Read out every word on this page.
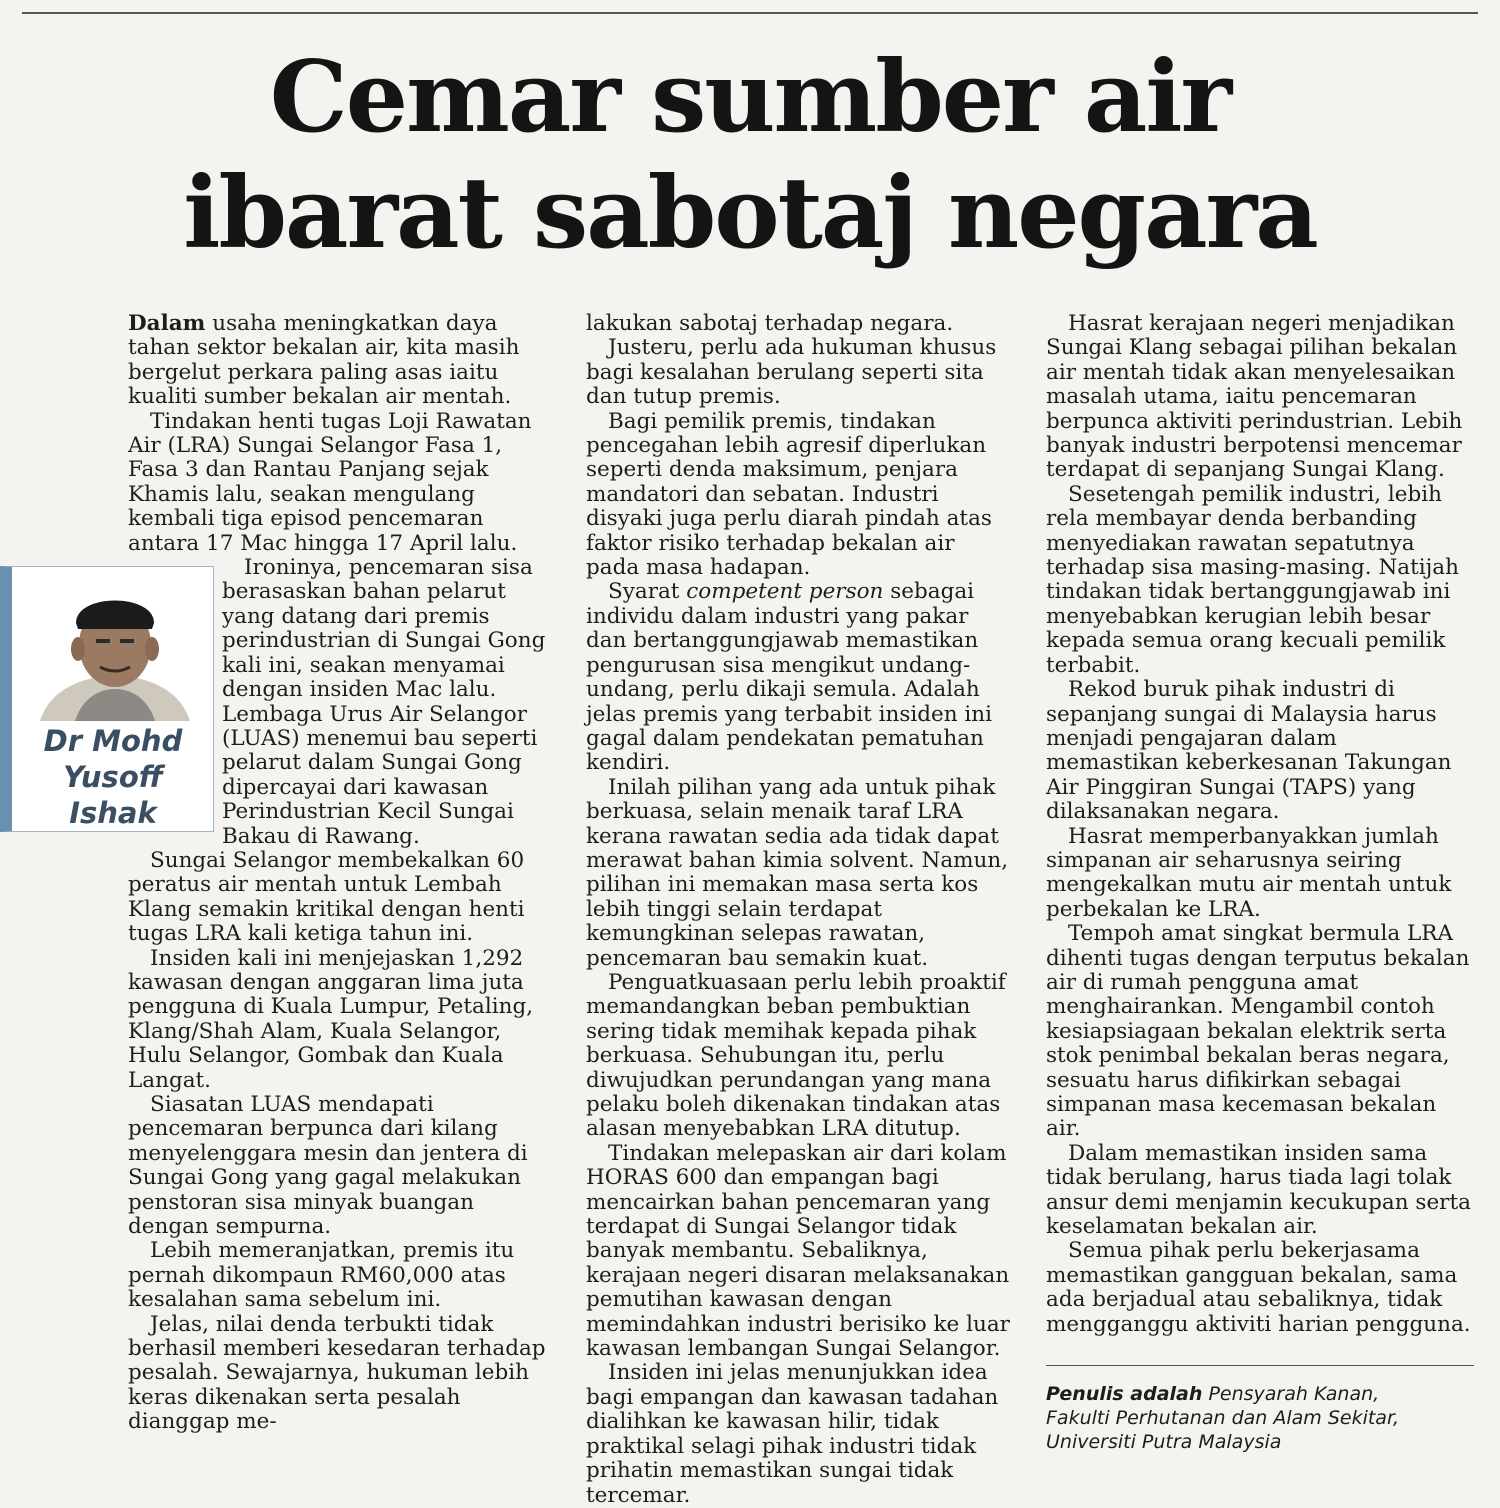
Cemar sumber air
ibarat sabotaj negara

Dalam usaha meningkatkan daya tahan sektor bekalan air, kita masih bergelut perkara paling asas iaitu kualiti sumber bekalan air mentah.

Tindakan henti tugas Loji Rawatan Air (LRA) Sungai Selangor Fasa 1, Fasa 3 dan Rantau Panjang sejak Khamis lalu, seakan mengulang kembali tiga episod pencemaran antara 17 Mac hingga 17 April lalu.

Dr Mohd
Yusoff Ishak

Ironinya, pencemaran sisa berasaskan bahan pelarut yang datang dari premis perindustrian di Sungai Gong kali ini, seakan menyamai dengan insiden Mac lalu. Lembaga Urus Air Selangor (LUAS) menemui bau seperti pelarut dalam Sungai Gong dipercayai dari kawasan Perindustrian Kecil Sungai Bakau di Rawang.

Sungai Selangor membekalkan 60 peratus air mentah untuk Lembah Klang semakin kritikal dengan henti tugas LRA kali ketiga tahun ini.

Insiden kali ini menjejaskan 1,292 kawasan dengan anggaran lima juta pengguna di Kuala Lumpur, Petaling, Klang/Shah Alam, Kuala Selangor, Hulu Selangor, Gombak dan Kuala Langat.

Siasatan LUAS mendapati pencemaran berpunca dari kilang menyelenggara mesin dan jentera di Sungai Gong yang gagal melakukan penstoran sisa minyak buangan dengan sempurna.

Lebih memeranjatkan, premis itu pernah dikompaun RM60,000 atas kesalahan sama sebelum ini.

Jelas, nilai denda terbukti tidak berhasil memberi kesedaran terhadap pesalah. Sewajarnya, hukuman lebih keras dikenakan serta pesalah dianggap me-

lakukan sabotaj terhadap negara.

Justeru, perlu ada hukuman khusus bagi kesalahan berulang seperti sita dan tutup premis.

Bagi pemilik premis, tindakan pencegahan lebih agresif diperlukan seperti denda maksimum, penjara mandatori dan sebatan. Industri disyaki juga perlu diarah pindah atas faktor risiko terhadap bekalan air pada masa hadapan.

Syarat competent person sebagai individu dalam industri yang pakar dan bertanggungjawab memastikan pengurusan sisa mengikut undang-undang, perlu dikaji semula. Adalah jelas premis yang terbabit insiden ini gagal dalam pendekatan pematuhan kendiri.

Inilah pilihan yang ada untuk pihak berkuasa, selain menaik taraf LRA kerana rawatan sedia ada tidak dapat merawat bahan kimia solvent. Namun, pilihan ini memakan masa serta kos lebih tinggi selain terdapat kemungkinan selepas rawatan, pencemaran bau semakin kuat.

Penguatkuasaan perlu lebih proaktif memandangkan beban pembuktian sering tidak memihak kepada pihak berkuasa. Sehubungan itu, perlu diwujudkan perundangan yang mana pelaku boleh dikenakan tindakan atas alasan menyebabkan LRA ditutup.

Tindakan melepaskan air dari kolam HORAS 600 dan empangan bagi mencairkan bahan pencemaran yang terdapat di Sungai Selangor tidak banyak membantu. Sebaliknya, kerajaan negeri disaran melaksanakan pemutihan kawasan dengan memindahkan industri berisiko ke luar kawasan lembangan Sungai Selangor.

Insiden ini jelas menunjukkan idea bagi empangan dan kawasan tadahan dialihkan ke kawasan hilir, tidak praktikal selagi pihak industri tidak prihatin memastikan sungai tidak tercemar.

Hasrat kerajaan negeri menjadikan Sungai Klang sebagai pilihan bekalan air mentah tidak akan menyelesaikan masalah utama, iaitu pencemaran berpunca aktiviti perindustrian. Lebih banyak industri berpotensi mencemar terdapat di sepanjang Sungai Klang.

Sesetengah pemilik industri, lebih rela membayar denda berbanding menyediakan rawatan sepatutnya terhadap sisa masing-masing. Natijah tindakan tidak bertanggungjawab ini menyebabkan kerugian lebih besar kepada semua orang kecuali pemilik terbabit.

Rekod buruk pihak industri di sepanjang sungai di Malaysia harus menjadi pengajaran dalam memastikan keberkesanan Takungan Air Pinggiran Sungai (TAPS) yang dilaksanakan negara.

Hasrat memperbanyakkan jumlah simpanan air seharusnya seiring mengekalkan mutu air mentah untuk perbekalan ke LRA.

Tempoh amat singkat bermula LRA dihenti tugas dengan terputus bekalan air di rumah pengguna amat menghairankan. Mengambil contoh kesiapsiagaan bekalan elektrik serta stok penimbal bekalan beras negara, sesuatu harus difikirkan sebagai simpanan masa kecemasan bekalan air.

Dalam memastikan insiden sama tidak berulang, harus tiada lagi tolak ansur demi menjamin kecukupan serta keselamatan bekalan air.

Semua pihak perlu bekerjasama memastikan gangguan bekalan, sama ada berjadual atau sebaliknya, tidak mengganggu aktiviti harian pengguna.

Penulis adalah Pensyarah Kanan,
Fakulti Perhutanan dan Alam Sekitar,
Universiti Putra Malaysia
